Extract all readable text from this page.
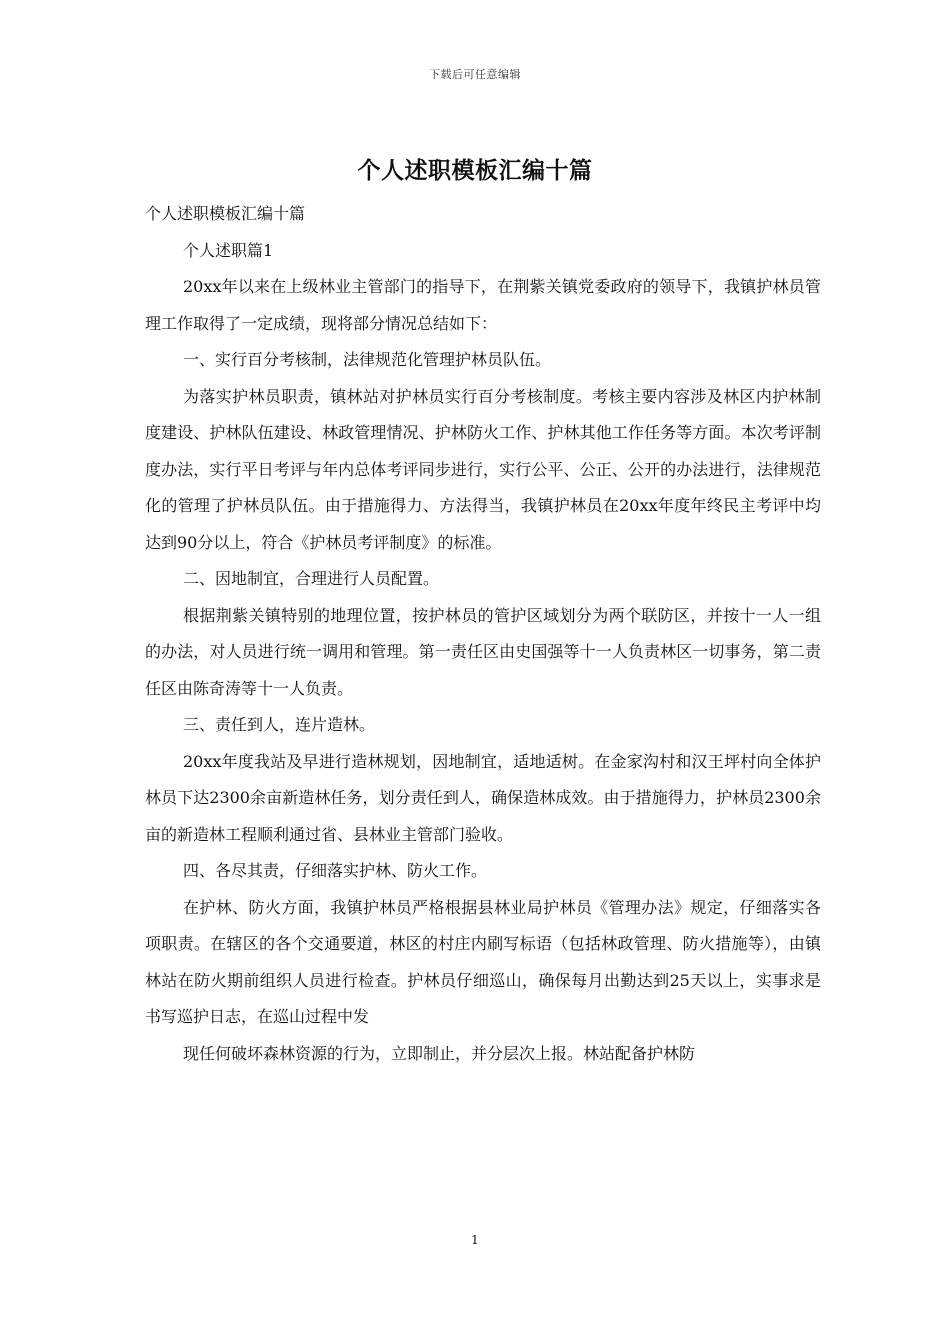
下载后可任意编辑
个人述职模板汇编十篇

个人述职模板汇编十篇

个人述职篇1

20xx年以来在上级林业主管部门的指导下，在荆紫关镇党委政府的领导下，我镇护林员管理工作取得了一定成绩，现将部分情况总结如下：

一、实行百分考核制，法律规范化管理护林员队伍。

为落实护林员职责，镇林站对护林员实行百分考核制度。考核主要内容涉及林区内护林制度建设、护林队伍建设、林政管理情况、护林防火工作、护林其他工作任务等方面。本次考评制度办法，实行平日考评与年内总体考评同步进行，实行公平、公正、公开的办法进行，法律规范化的管理了护林员队伍。由于措施得力、方法得当，我镇护林员在20xx年度年终民主考评中均达到90分以上，符合《护林员考评制度》的标准。

二、因地制宜，合理进行人员配置。

根据荆紫关镇特别的地理位置，按护林员的管护区域划分为两个联防区，并按十一人一组的办法，对人员进行统一调用和管理。第一责任区由史国强等十一人负责林区一切事务，第二责任区由陈奇涛等十一人负责。

三、责任到人，连片造林。

20xx年度我站及早进行造林规划，因地制宜，适地适树。在金家沟村和汉王坪村向全体护林员下达2300余亩新造林任务，划分责任到人，确保造林成效。由于措施得力，护林员2300余亩的新造林工程顺利通过省、县林业主管部门验收。

四、各尽其责，仔细落实护林、防火工作。

在护林、防火方面，我镇护林员严格根据县林业局护林员《管理办法》规定，仔细落实各项职责。在辖区的各个交通要道，林区的村庄内刷写标语（包括林政管理、防火措施等），由镇林站在防火期前组织人员进行检查。护林员仔细巡山，确保每月出勤达到25天以上，实事求是书写巡护日志，在巡山过程中发

现任何破坏森林资源的行为，立即制止，并分层次上报。林站配备护林防

1
